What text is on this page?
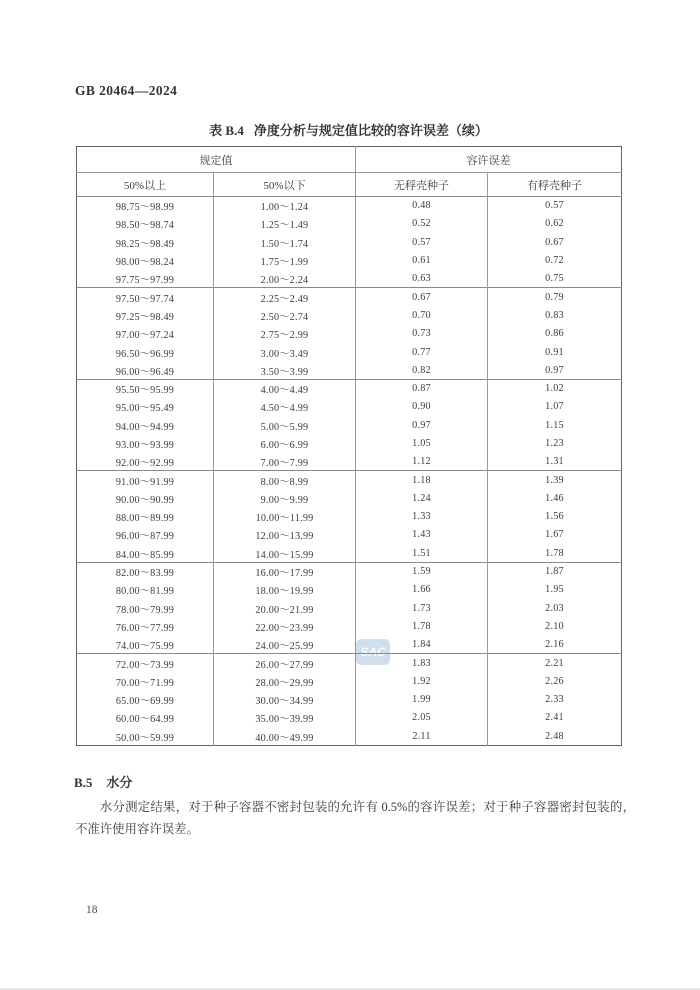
GB 20464—2024
表 B.4 净度分析与规定值比较的容许误差（续）
SAC
规定值		容许误差	
50%以上	50%以下	无稃壳种子	有稃壳种子
98.75～98.99	1.00～1.24	0.48	0.57
98.50～98.74	1.25～1.49	0.52	0.62
98.25～98.49	1.50～1.74	0.57	0.67
98.00～98.24	1.75～1.99	0.61	0.72
97.75～97.99	2.00～2.24	0.63	0.75
97.50～97.74	2.25～2.49	0.67	0.79
97.25～98.49	2.50～2.74	0.70	0.83
97.00～97.24	2.75～2.99	0.73	0.86
96.50～96.99	3.00～3.49	0.77	0.91
96.00～96.49	3.50～3.99	0.82	0.97
95.50～95.99	4.00～4.49	0.87	1.02
95.00～95.49	4.50～4.99	0.90	1.07
94.00～94.99	5.00～5.99	0.97	1.15
93.00～93.99	6.00～6.99	1.05	1.23
92.00～92.99	7.00～7.99	1.12	1.31
91.00～91.99	8.00～8.99	1.18	1.39
90.00～90.99	9.00～9.99	1.24	1.46
88.00～89.99	10.00～11.99	1.33	1.56
96.00～87.99	12.00～13.99	1.43	1.67
84.00～85.99	14.00～15.99	1.51	1.78
82.00～83.99	16.00～17.99	1.59	1.87
80.00～81.99	18.00～19.99	1.66	1.95
78.00～79.99	20.00～21.99	1.73	2.03
76.00～77.99	22.00～23.99	1.78	2.10
74.00～75.99	24.00～25.99	1.84	2.16
72.00～73.99	26.00～27.99	1.83	2.21
70.00～71.99	28.00～29.99	1.92	2.26
65.00～69.99	30.00～34.99	1.99	2.33
60.00～64.99	35.00～39.99	2.05	2.41
50.00～59.99	40.00～49.99	2.11	2.48
B.5 水分
水分测定结果，对于种子容器不密封包装的允许有 0.5%的容许误差；对于种子容器密封包装的，不准许使用容许误差。
18
